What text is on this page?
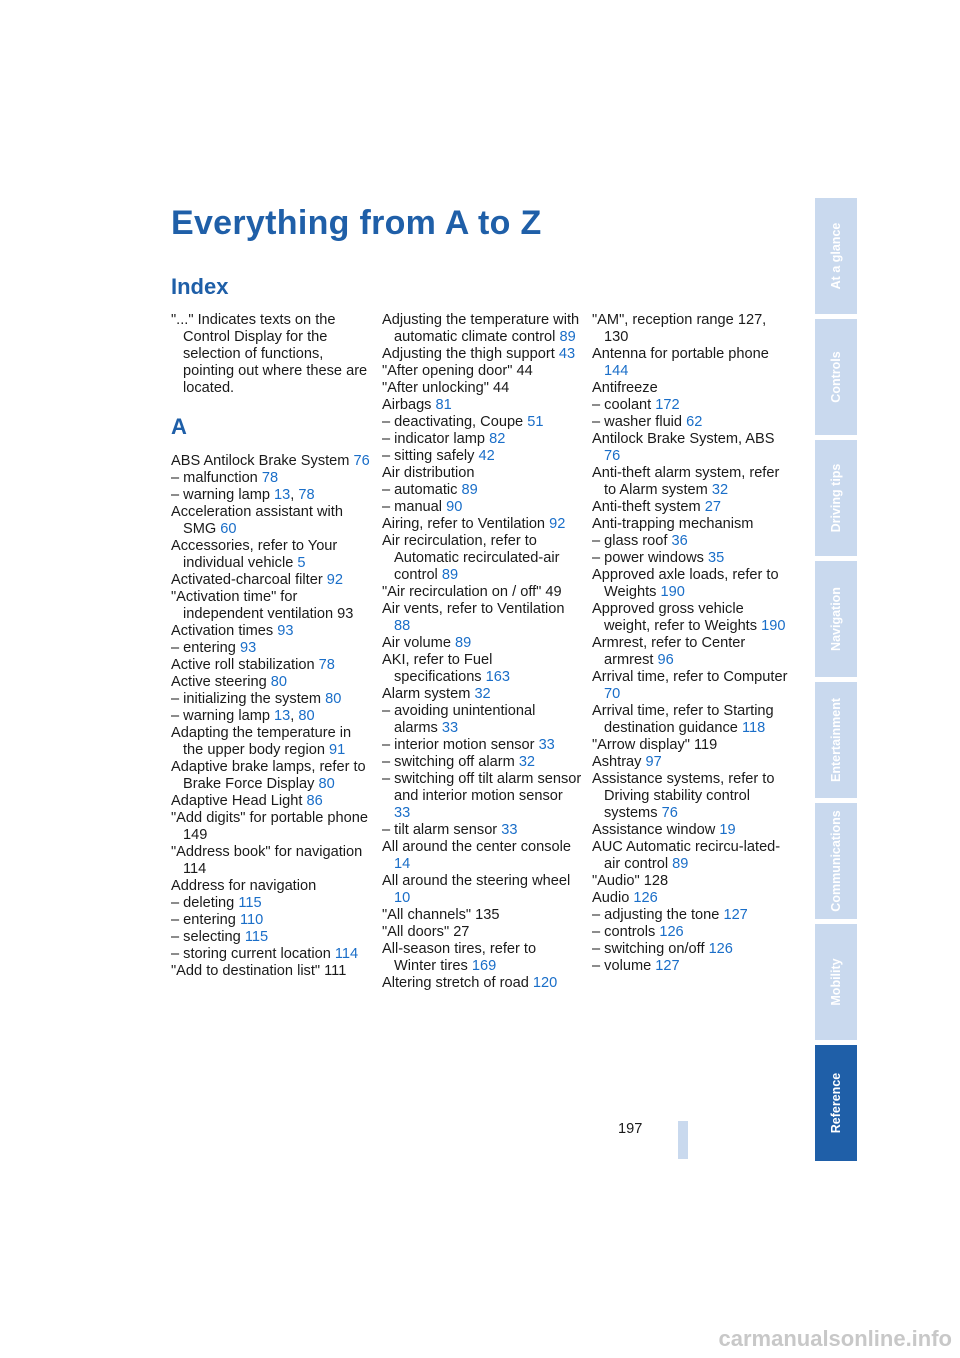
Everything from A to Z
Index

"..." Indicates texts on the Control Display for the selection of functions, pointing out where these are located.

A

ABS Antilock Brake System 76

– malfunction 78

– warning lamp 13, 78

Acceleration assistant with SMG 60

Accessories, refer to Your individual vehicle 5

Activated-charcoal filter 92

"Activation time" for independent ventilation 93

Activation times 93

– entering 93

Active roll stabilization 78

Active steering 80

– initializing the system 80

– warning lamp 13, 80

Adapting the temperature in the upper body region 91

Adaptive brake lamps, refer to Brake Force Display 80

Adaptive Head Light 86

"Add digits" for portable phone 149

"Address book" for navigation 114

Address for navigation

– deleting 115

– entering 110

– selecting 115

– storing current location 114

"Add to destination list" 111

Adjusting the temperature with automatic climate control 89

Adjusting the thigh support 43

"After opening door" 44

"After unlocking" 44

Airbags 81

– deactivating, Coupe 51

– indicator lamp 82

– sitting safely 42

Air distribution

– automatic 89

– manual 90

Airing, refer to Ventilation 92

Air recirculation, refer to Automatic recirculated-air control 89

"Air recirculation on / off" 49

Air vents, refer to Ventilation 88

Air volume 89

AKI, refer to Fuel specifications 163

Alarm system 32

– avoiding unintentional alarms 33

– interior motion sensor 33

– switching off alarm 32

– switching off tilt alarm sensor and interior motion sensor 33

– tilt alarm sensor 33

All around the center console 14

All around the steering wheel 10

"All channels" 135

"All doors" 27

All-season tires, refer to Winter tires 169

Altering stretch of road 120

"AM", reception range 127, 130

Antenna for portable phone 144

Antifreeze

– coolant 172

– washer fluid 62

Antilock Brake System, ABS 76

Anti-theft alarm system, refer to Alarm system 32

Anti-theft system 27

Anti-trapping mechanism

– glass roof 36

– power windows 35

Approved axle loads, refer to Weights 190

Approved gross vehicle weight, refer to Weights 190

Armrest, refer to Center armrest 96

Arrival time, refer to Computer 70

Arrival time, refer to Starting destination guidance 118

"Arrow display" 119

Ashtray 97

Assistance systems, refer to Driving stability control systems 76

Assistance window 19

AUC Automatic recircu-lated-air control 89

"Audio" 128

Audio 126

– adjusting the tone 127

– controls 126

– switching on/off 126

– volume 127

At a glance
Controls
Driving tips
Navigation
Entertainment
Communications
Mobility
Reference
197
carmanualsonline.info
